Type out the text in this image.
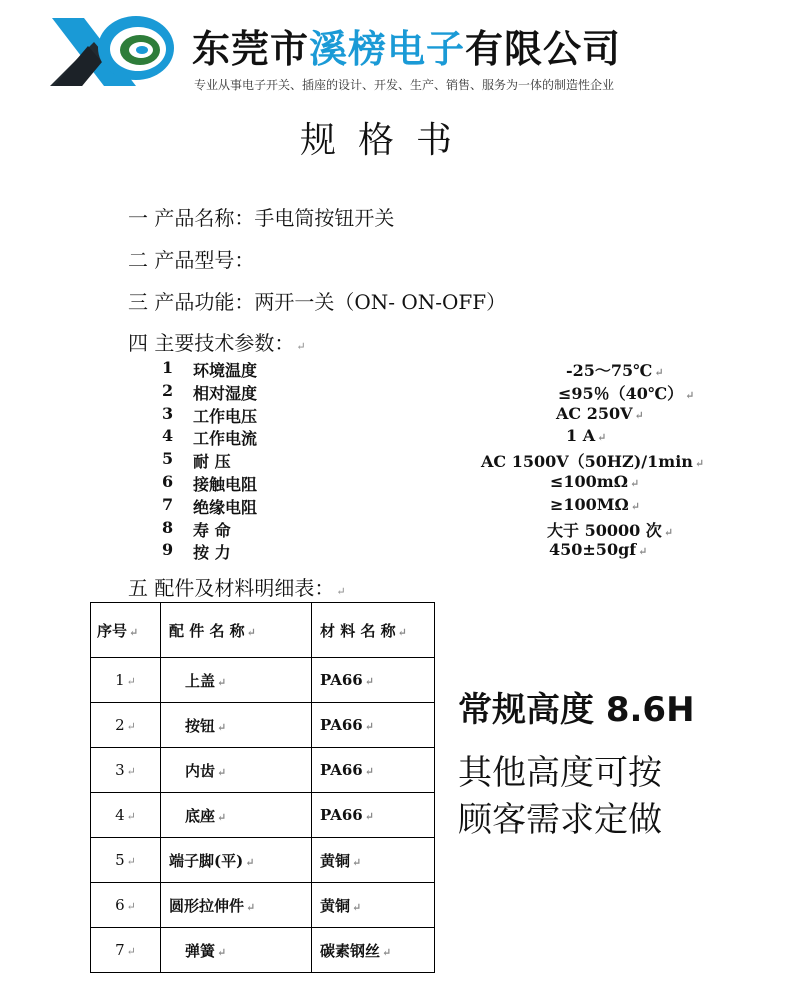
东莞市溪榜电子有限公司
专业从事电子开关、插座的设计、开发、生产、销售、服务为一体的制造性企业
规格书
一 产品名称：手电筒按钮开关
二 产品型号：
三 产品功能：两开一关（ON- ON-OFF）
四 主要技术参数： ↵
1 环境温度	-25～75℃ ↵
2 相对湿度	≤95％（40℃） ↵
3 工作电压	AC 250V ↵
4 工作电流	1 A ↵
5 耐 压	AC 1500V（50HZ)/1min ↵
6 接触电阻	≤100mΩ ↵
7 绝缘电阻	≥100MΩ ↵
8 寿 命	大于 50000 次 ↵
9 按 力	450±50gf ↵
五 配件及材料明细表： ↵
序号 ↵	配 件 名 称 ↵	材 料 名 称 ↵
1 ↵	上盖 ↵	PA66 ↵
2 ↵	按钮 ↵	PA66 ↵
3 ↵	内齿 ↵	PA66 ↵
4 ↵	底座 ↵	PA66 ↵
5 ↵	端子脚(平) ↵	黄铜 ↵
6 ↵	圆形拉伸件 ↵	黄铜 ↵
7 ↵	弹簧 ↵	碳素钢丝 ↵
常规高度 8.6H
其他高度可按
顾客需求定做
